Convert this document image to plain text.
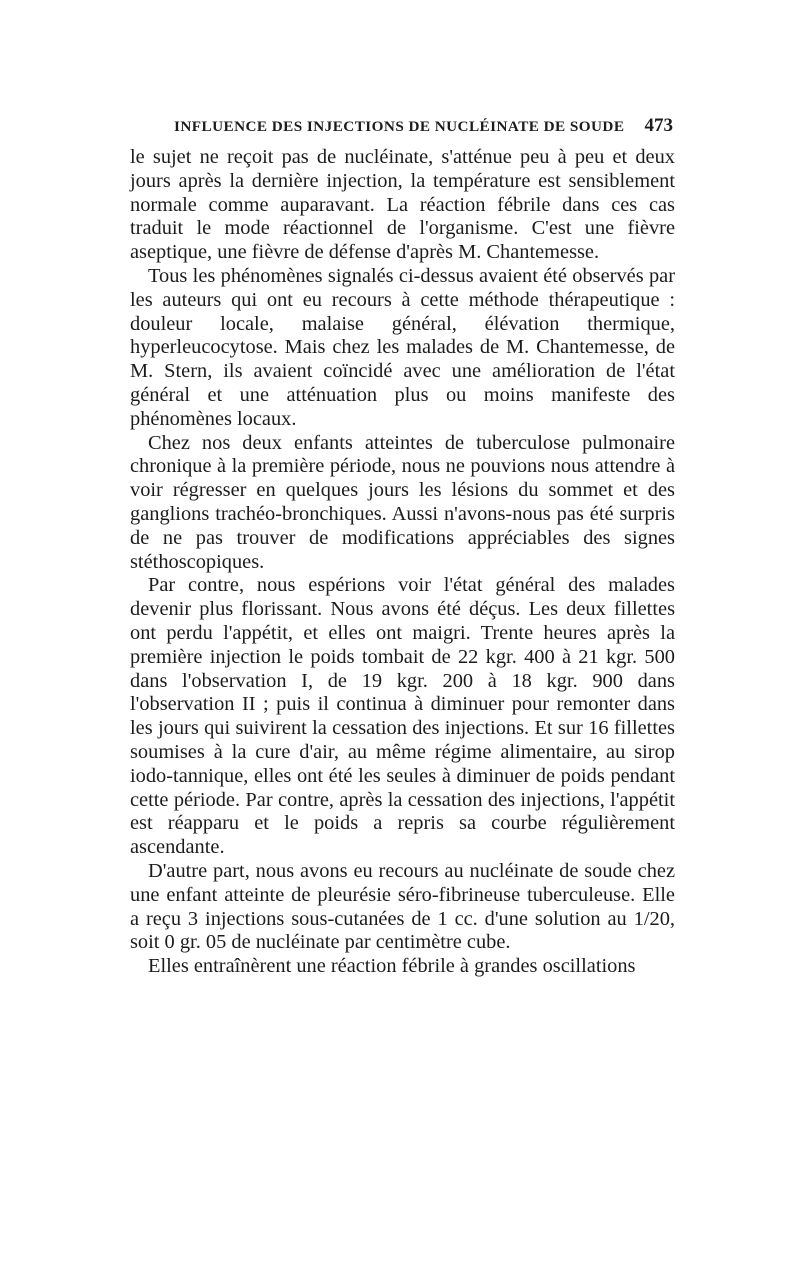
INFLUENCE DES INJECTIONS DE NUCLÉINATE DE SOUDE 473

le sujet ne reçoit pas de nucléinate, s'atténue peu à peu et deux jours après la dernière injection, la température est sensiblement normale comme auparavant. La réaction fébrile dans ces cas traduit le mode réactionnel de l'organisme. C'est une fièvre aseptique, une fièvre de défense d'après M. Chantemesse.

Tous les phénomènes signalés ci-dessus avaient été observés par les auteurs qui ont eu recours à cette méthode thérapeutique : douleur locale, malaise général, élévation thermique, hyperleucocytose. Mais chez les malades de M. Chantemesse, de M. Stern, ils avaient coïncidé avec une amélioration de l'état général et une atténuation plus ou moins manifeste des phénomènes locaux.

Chez nos deux enfants atteintes de tuberculose pulmonaire chronique à la première période, nous ne pouvions nous attendre à voir régresser en quelques jours les lésions du sommet et des ganglions trachéo-bronchiques. Aussi n'avons-nous pas été surpris de ne pas trouver de modifications appréciables des signes stéthoscopiques.

Par contre, nous espérions voir l'état général des malades devenir plus florissant. Nous avons été déçus. Les deux fillettes ont perdu l'appétit, et elles ont maigri. Trente heures après la première injection le poids tombait de 22 kgr. 400 à 21 kgr. 500 dans l'observation I, de 19 kgr. 200 à 18 kgr. 900 dans l'observation II ; puis il continua à diminuer pour remonter dans les jours qui suivirent la cessation des injections. Et sur 16 fillettes soumises à la cure d'air, au même régime alimentaire, au sirop iodo-tannique, elles ont été les seules à diminuer de poids pendant cette période. Par contre, après la cessation des injections, l'appétit est réapparu et le poids a repris sa courbe régulièrement ascendante.

D'autre part, nous avons eu recours au nucléinate de soude chez une enfant atteinte de pleurésie séro-fibrineuse tuberculeuse. Elle a reçu 3 injections sous-cutanées de 1 cc. d'une solution au 1/20, soit 0 gr. 05 de nucléinate par centimètre cube.

Elles entraînèrent une réaction fébrile à grandes oscillations
